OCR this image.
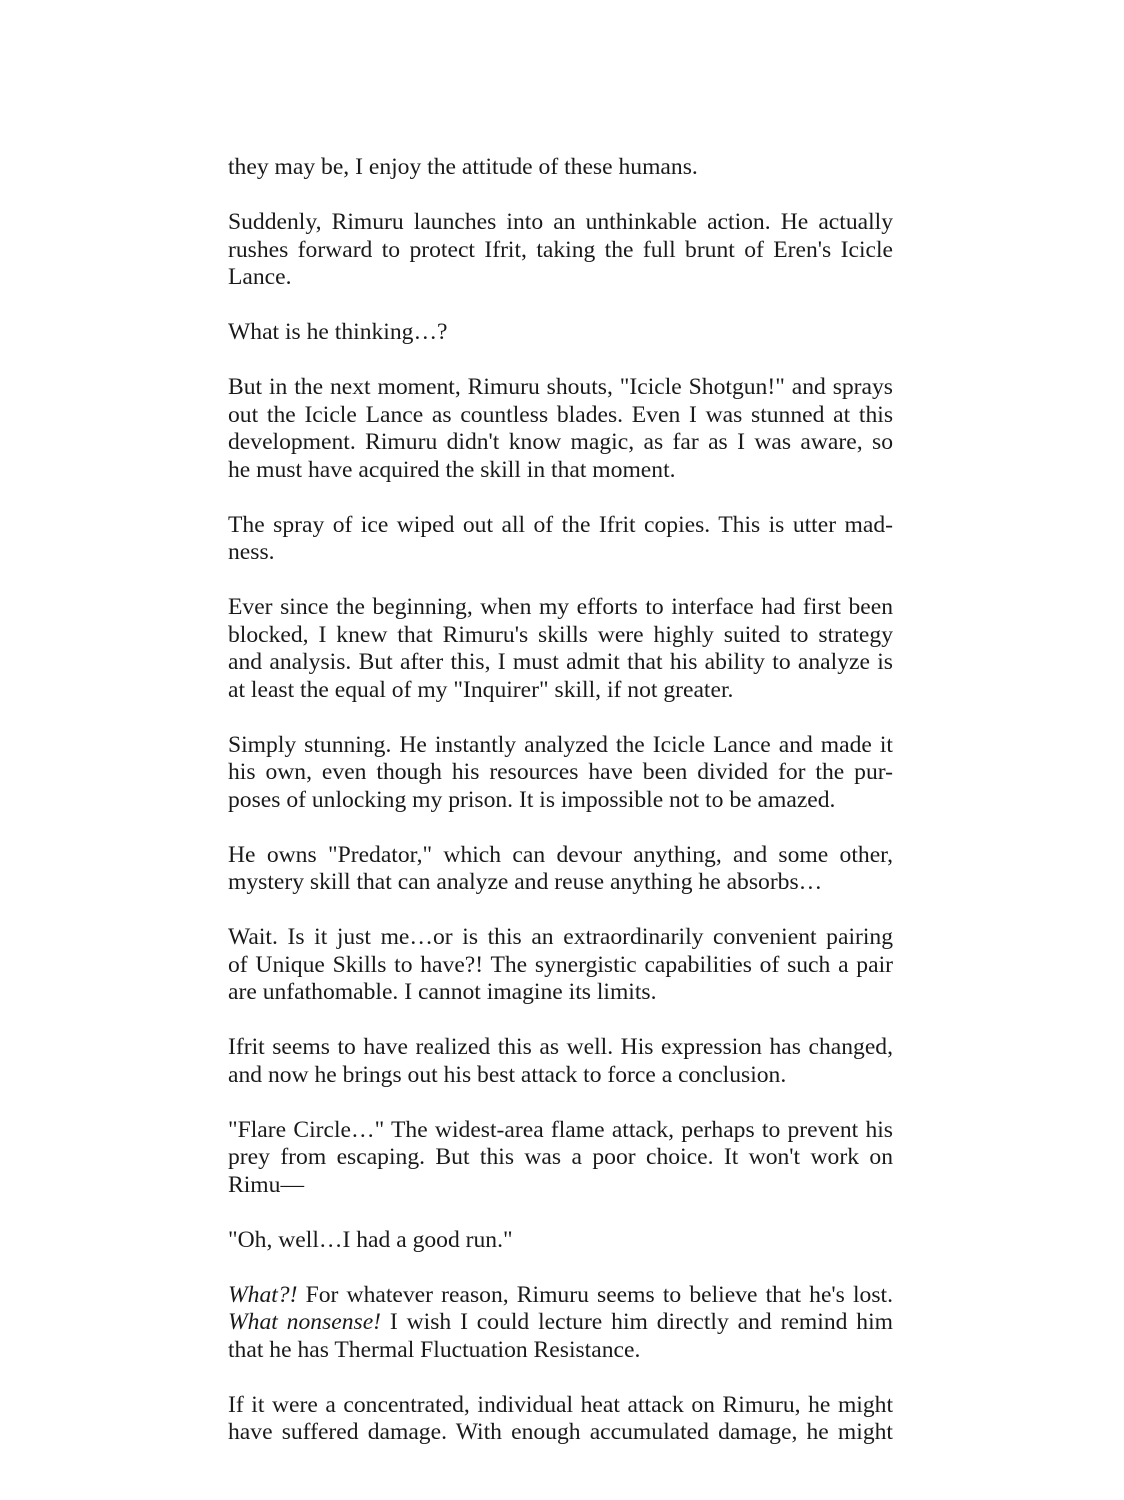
they may be, I enjoy the attitude of these humans.

Suddenly, Rimuru launches into an unthinkable action. He actually
rushes forward to protect Ifrit, taking the full brunt of Eren's Icicle
Lance.

What is he thinking…?

But in the next moment, Rimuru shouts, "Icicle Shotgun!" and sprays
out the Icicle Lance as countless blades. Even I was stunned at this
development. Rimuru didn't know magic, as far as I was aware, so
he must have acquired the skill in that moment.

The spray of ice wiped out all of the Ifrit copies. This is utter mad-
ness.

Ever since the beginning, when my efforts to interface had first been
blocked, I knew that Rimuru's skills were highly suited to strategy
and analysis. But after this, I must admit that his ability to analyze is
at least the equal of my "Inquirer" skill, if not greater.

Simply stunning. He instantly analyzed the Icicle Lance and made it
his own, even though his resources have been divided for the pur-
poses of unlocking my prison. It is impossible not to be amazed.

He owns "Predator," which can devour anything, and some other,
mystery skill that can analyze and reuse anything he absorbs…

Wait. Is it just me…or is this an extraordinarily convenient pairing
of Unique Skills to have?! The synergistic capabilities of such a pair
are unfathomable. I cannot imagine its limits.

Ifrit seems to have realized this as well. His expression has changed,
and now he brings out his best attack to force a conclusion.

"Flare Circle…" The widest-area flame attack, perhaps to prevent his
prey from escaping. But this was a poor choice. It won't work on
Rimu—

"Oh, well…I had a good run."

What?! For whatever reason, Rimuru seems to believe that he's lost.
What nonsense! I wish I could lecture him directly and remind him
that he has Thermal Fluctuation Resistance.

If it were a concentrated, individual heat attack on Rimuru, he might
have suffered damage. With enough accumulated damage, he might
